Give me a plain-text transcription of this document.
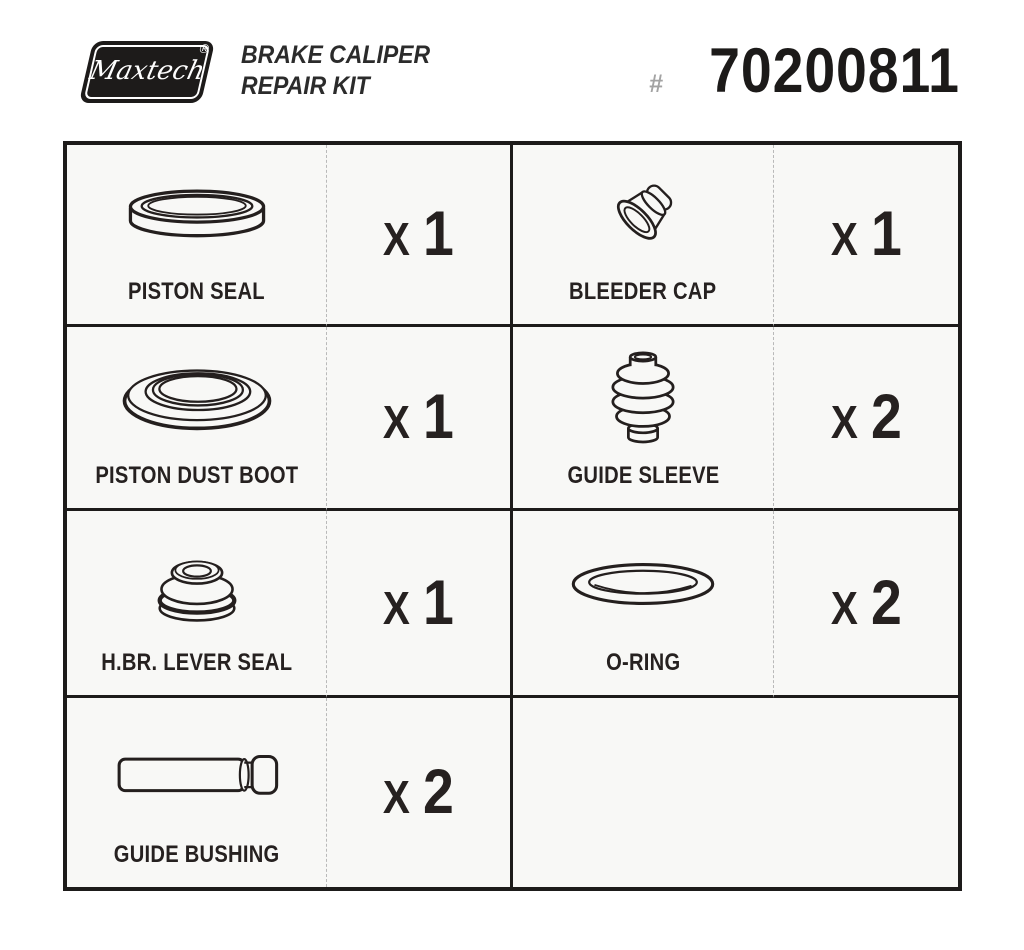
Maxtech
® BRAKE CALIPER
REPAIR KIT	# 70200811
PISTON SEAL
X 1
BLEEDER CAP
X 1
PISTON DUST BOOT
X 1
GUIDE SLEEVE
X 2
H.BR. LEVER SEAL
X 1
O-RING
X 2
GUIDE BUSHING
X 2
